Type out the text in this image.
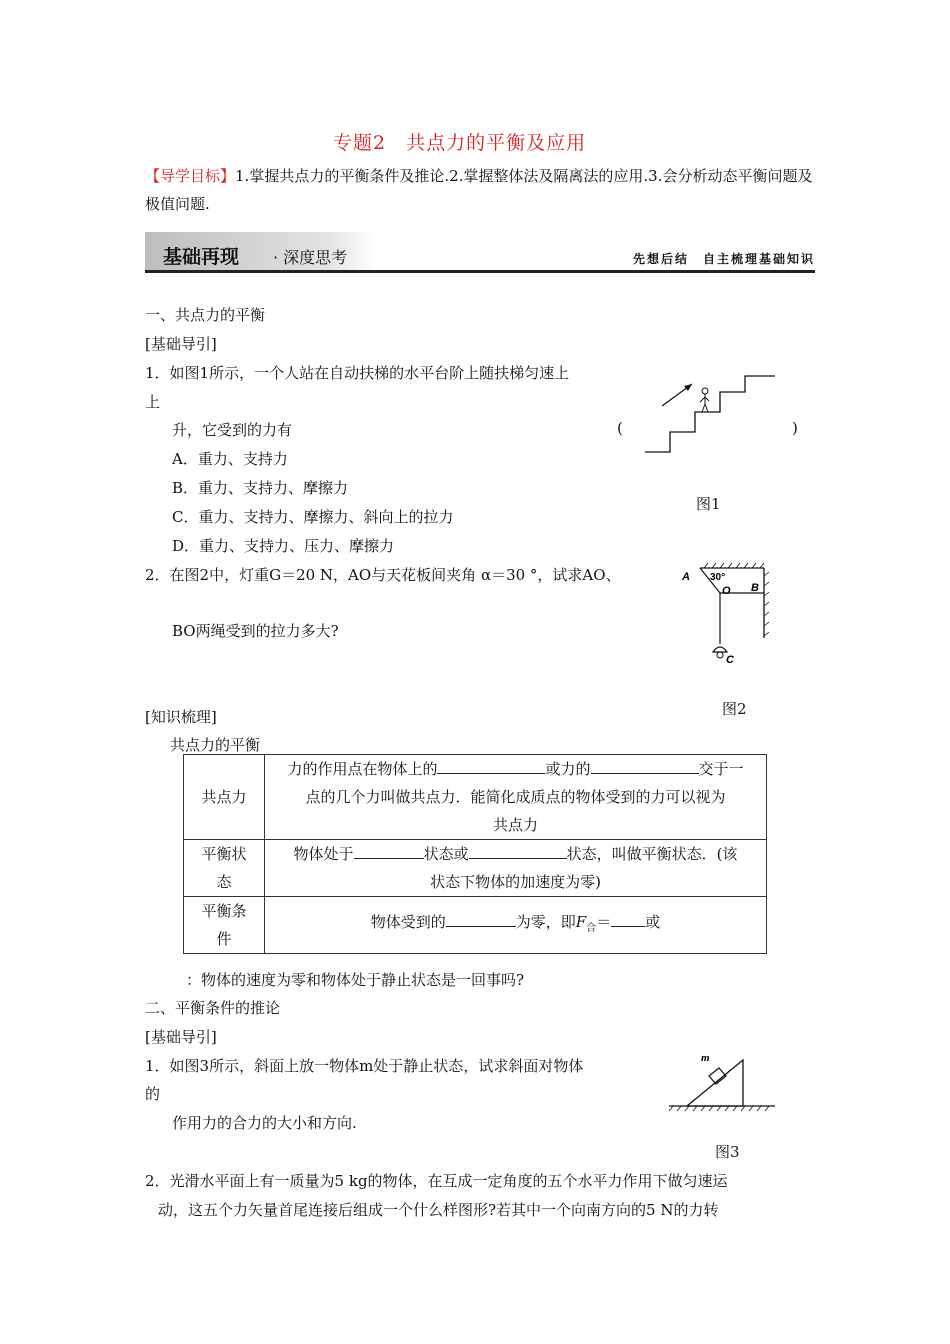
专题2　共点力的平衡及应用
【导学目标】1.掌握共点力的平衡条件及推论.2.掌握整体法及隔离法的应用.3.会分析动态平衡问题及极值问题.
基础再现 · 深度思考	先想后结　自主梳理基础知识
一、共点力的平衡
[基础导引]
1．如图1所示，一个人站在自动扶梯的水平台阶上随扶梯匀速上
上
升，它受到的力有	(	)
A．重力、支持力
B．重力、支持力、摩擦力
C．重力、支持力、摩擦力、斜向上的拉力
D．重力、支持力、压力、摩擦力
图1
2．在图2中，灯重G＝20 N，AO与天花板间夹角 α＝30 °，试求AO、
BO两绳受到的拉力多大?
A 30°
O B
C
图2
[知识梳理]
共点力的平衡
共点力	力的作用点在物体上的 或力的 交于一
点的几个力叫做共点力．能简化成质点的物体受到的力可以视为
共点力
平衡状
态	物体处于 状态或 状态，叫做平衡状态．(该
状态下物体的加速度为零)
平衡条
件	物体受到的 为零，即$F_合=$ 或
：物体的速度为零和物体处于静止状态是一回事吗?
二、平衡条件的推论
[基础导引]
1．如图3所示，斜面上放一物体m处于静止状态，试求斜面对物体
的
作用力的合力的大小和方向.
m
图3
2．光滑水平面上有一质量为5 kg的物体，在互成一定角度的五个水平力作用下做匀速运
动，这五个力矢量首尾连接后组成一个什么样图形?若其中一个向南方向的5 N的力转
